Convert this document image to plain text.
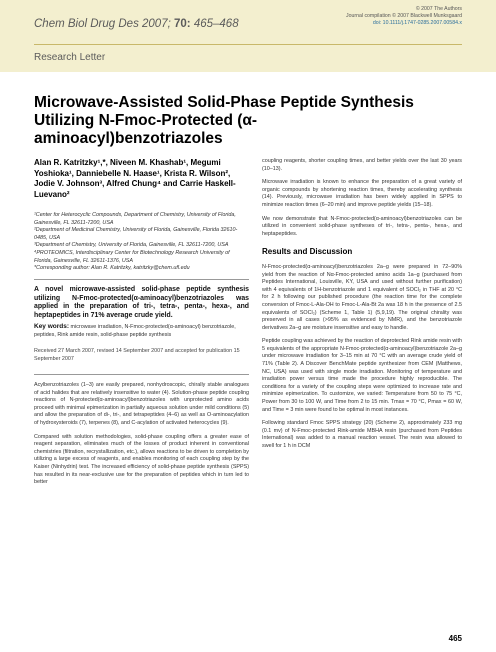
Chem Biol Drug Des 2007; 70: 465–468
© 2007 The Authors
Journal compilation © 2007 Blackwell Munksgaard
doi: 10.1111/j.1747-0285.2007.00584.x
Research Letter
Microwave-Assisted Solid-Phase Peptide Synthesis Utilizing N-Fmoc-Protected (α-aminoacyl)benzotriazoles
Alan R. Katritzky¹,*, Niveen M. Khashab¹, Megumi Yoshioka¹, Danniebelle N. Haase¹, Krista R. Wilson², Jodie V. Johnson³, Alfred Chung⁴ and Carrie Haskell-Luevano²

¹Center for Heterocyclic Compounds, Department of Chemistry, University of Florida, Gainesville, FL 32611-7200, USA

²Department of Medicinal Chemistry, University of Florida, Gainesville, Florida 32610-0485, USA

³Department of Chemistry, University of Florida, Gainesville, FL 32611-7200, USA

⁴PROTEOMICS, Interdisciplinary Center for Biotechnology Research University of Florida, Gainesville, FL 32611-1376, USA

*Corresponding author: Alan R. Katritzky, katritzky@chem.ufl.edu

A novel microwave-assisted solid-phase peptide synthesis utilizing N-Fmoc-protected(α-aminoacyl)benzotriazoles was applied in the preparation of tri-, tetra-, penta-, hexa-, and heptapeptides in 71% average crude yield.
Key words: microwave irradiation, N-Fmoc-protected(α-aminoacyl) benzotriazole, peptides, Rink amide resin, solid-phase peptide synthesis
Received 27 March 2007, revised 14 September 2007 and accepted for publication 15 September 2007

Acylbenzotriazoles (1–3) are easily prepared, nonhydroscopic, chirally stable analogues of acid halides that are relatively insensitive to water (4). Solution-phase peptide coupling reactions of N-protected(α-aminoacyl)benzotriazoles with unprotected amino acids proceed with minimal epimerization in partially aqueous solution under mild conditions (5) and allow the preparation of di-, tri-, and tetrapeptides (4–6) as well as O-aminoacylation of hydroxysteroids (7), terpenes (8), and C-acylation of activated heterocycles (9).

Compared with solution methodologies, solid-phase coupling offers a greater ease of reagent separation, eliminates much of the losses of product inherent in conventional chemistries (filtration, recrystallization, etc.), allows reactions to be driven to completion by utilizing a large excess of reagents, and enables monitoring of each coupling step by the Kaiser (Ninhydrin) test. The increased efficiency of solid-phase peptide synthesis (SPPS) has resulted in its near-exclusive use for the preparation of peptides which in turn led to better

coupling reagents, shorter coupling times, and better yields over the last 30 years (10–13).

Microwave irradiation is known to enhance the preparation of a great variety of organic compounds by shortening reaction times, thereby accelerating synthesis (14). Previously, microwave irradiation has been widely applied in SPPS to minimize reaction times (6–20 min) and improve peptide yields (15–18).

We now demonstrate that N-Fmoc-protected(α-aminoacyl)benzotriazoles can be utilized in convenient solid-phase syntheses of tri-, tetra-, penta-, hexa-, and heptapeptides.

Results and Discussion

N-Fmoc-protected(α-aminoacyl)benzotriazoles 2a–g were prepared in 72–90% yield from the reaction of Nα-Fmoc-protected amino acids 1a–g (purchased from Peptides International, Louisville, KY, USA and used without further purification) with 4 equivalents of 1H-benzotriazole and 1 equivalent of SOCl₂ in THF at 20 °C for 2 h following our published procedure (the reaction time for the complete conversion of Fmoc-L-Ala-OH to Fmoc-L-Ala-Bt 2a was 18 h in the presence of 2.5 equivalents of SOCl₂) (Scheme 1, Table 1) (5,9,19). The original chirality was preserved in all cases (>95% as evidenced by NMR), and the benzotriazole derivatives 2a–g are moisture insensitive and easy to handle.

Peptide coupling was achieved by the reaction of deprotected Rink amide resin with 5 equivalents of the appropriate N-Fmoc-protected(α-aminoacyl)benzotriazole 2a–g under microwave irradiation for 3–15 min at 70 °C with an average crude yield of 71% (Table 2). A Discover BenchMate peptide synthesizer from CEM (Matthews, NC, USA) was used with single mode irradiation. Monitoring of temperature and irradiation power versus time made the procedure highly reproducible. The conditions for a variety of the coupling steps were optimized to increase rate and minimize epimerization. To customize, we varied: Temperature from 50 to 75 °C, Power from 30 to 100 W, and Time from 2 to 15 min. Tmax = 70 °C, Pmax = 60 W, and Time = 3 min were found to be optimal in most instances.

Following standard Fmoc SPPS strategy (20) (Scheme 2), approximately 233 mg (0.1 mv) of N-Fmoc-protected Rink-amide MBHA resin (purchased from Peptides International) was added to a manual reaction vessel. The resin was allowed to swell for 1 h in DCM

465
